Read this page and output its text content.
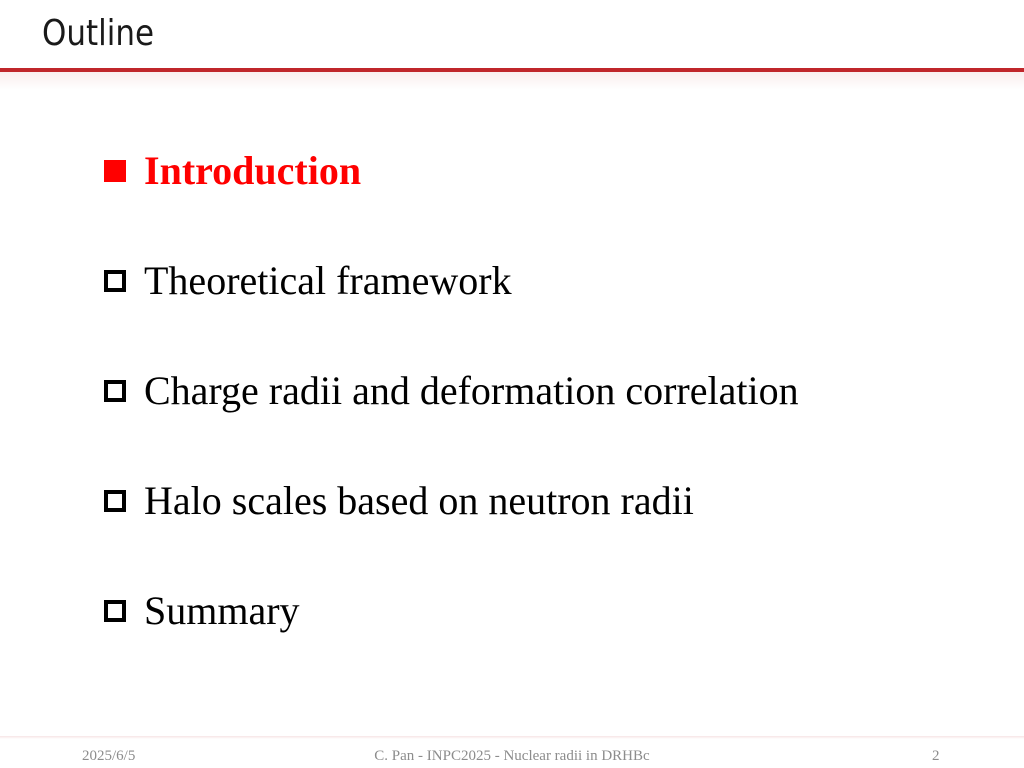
Outline
Introduction
Theoretical framework
Charge radii and deformation correlation
Halo scales based on neutron radii
Summary
2025/6/5	C. Pan - INPC2025 - Nuclear radii in DRHBc	2
